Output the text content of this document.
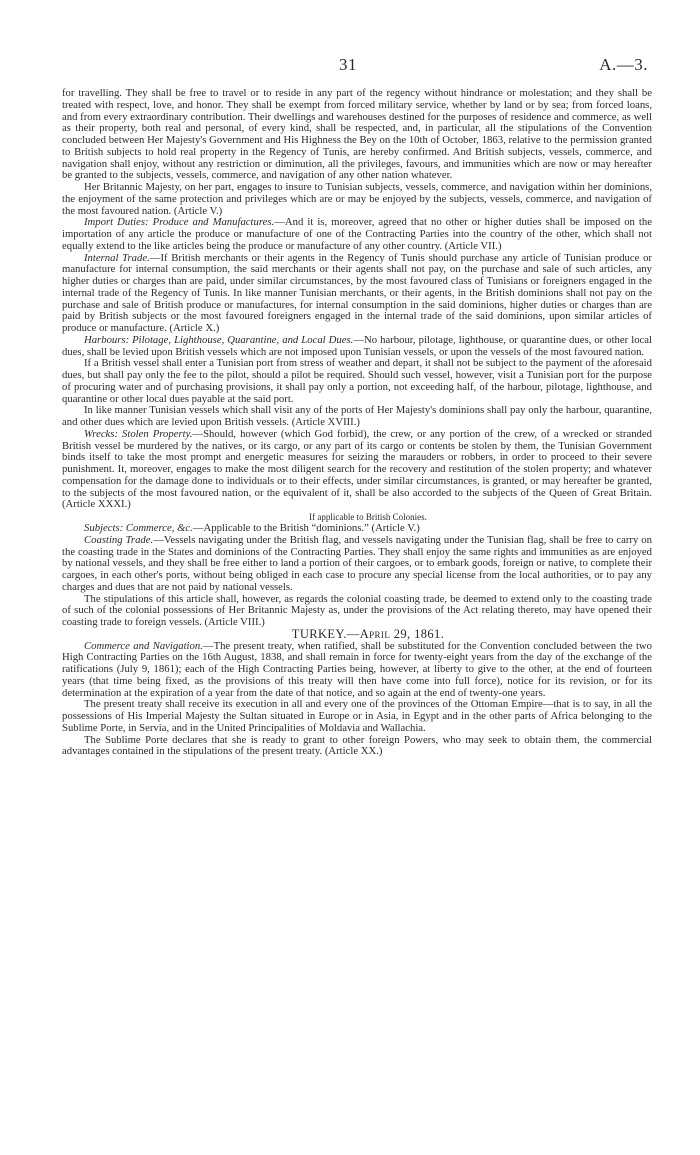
31	A.—3.

for travelling. They shall be free to travel or to reside in any part of the regency without hindrance or molestation; and they shall be treated with respect, love, and honor. They shall be exempt from forced military service, whether by land or by sea; from forced loans, and from every extraordinary contribution. Their dwellings and warehouses destined for the purposes of residence and commerce, as well as their property, both real and personal, of every kind, shall be respected, and, in particular, all the stipulations of the Convention concluded between Her Majesty's Government and His Highness the Bey on the 10th of October, 1863, relative to the permission granted to British subjects to hold real property in the Regency of Tunis, are hereby confirmed. And British subjects, vessels, commerce, and navigation shall enjoy, without any restriction or diminution, all the privileges, favours, and immunities which are now or may hereafter be granted to the subjects, vessels, commerce, and navigation of any other nation whatever.

Her Britannic Majesty, on her part, engages to insure to Tunisian subjects, vessels, commerce, and navigation within her dominions, the enjoyment of the same protection and privileges which are or may be enjoyed by the subjects, vessels, commerce, and navigation of the most favoured nation. (Article V.)

Import Duties: Produce and Manufactures.—And it is, moreover, agreed that no other or higher duties shall be imposed on the importation of any article the produce or manufacture of one of the Contracting Parties into the country of the other, which shall not equally extend to the like articles being the produce or manufacture of any other country. (Article VII.)

Internal Trade.—If British merchants or their agents in the Regency of Tunis should purchase any article of Tunisian produce or manufacture for internal consumption, the said merchants or their agents shall not pay, on the purchase and sale of such articles, any higher duties or charges than are paid, under similar circumstances, by the most favoured class of Tunisians or foreigners engaged in the internal trade of the Regency of Tunis. In like manner Tunisian merchants, or their agents, in the British dominions shall not pay on the purchase and sale of British produce or manufactures, for internal consumption in the said dominions, higher duties or charges than are paid by British subjects or the most favoured foreigners engaged in the internal trade of the said dominions, upon similar articles of produce or manufacture. (Article X.)

Harbours: Pilotage, Lighthouse, Quarantine, and Local Dues.—No harbour, pilotage, lighthouse, or quarantine dues, or other local dues, shall be levied upon British vessels which are not imposed upon Tunisian vessels, or upon the vessels of the most favoured nation.

If a British vessel shall enter a Tunisian port from stress of weather and depart, it shall not be subject to the payment of the aforesaid dues, but shall pay only the fee to the pilot, should a pilot be required. Should such vessel, however, visit a Tunisian port for the purpose of procuring water and of purchasing provisions, it shall pay only a portion, not exceeding half, of the harbour, pilotage, lighthouse, and quarantine or other local dues payable at the said port.

In like manner Tunisian vessels which shall visit any of the ports of Her Majesty's dominions shall pay only the harbour, quarantine, and other dues which are levied upon British vessels. (Article XVIII.)

Wrecks: Stolen Property.—Should, however (which God forbid), the crew, or any portion of the crew, of a wrecked or stranded British vessel be murdered by the natives, or its cargo, or any part of its cargo or contents be stolen by them, the Tunisian Government binds itself to take the most prompt and energetic measures for seizing the marauders or robbers, in order to proceed to their severe punishment. It, moreover, engages to make the most diligent search for the recovery and restitution of the stolen property; and whatever compensation for the damage done to individuals or to their effects, under similar circumstances, is granted, or may hereafter be granted, to the subjects of the most favoured nation, or the equivalent of it, shall be also accorded to the subjects of the Queen of Great Britain. (Article XXXI.)

If applicable to British Colonies.

Subjects: Commerce, &c.—Applicable to the British “dominions.” (Article V.)

Coasting Trade.—Vessels navigating under the British flag, and vessels navigating under the Tunisian flag, shall be free to carry on the coasting trade in the States and dominions of the Contracting Parties. They shall enjoy the same rights and immunities as are enjoyed by national vessels, and they shall be free either to land a portion of their cargoes, or to embark goods, foreign or native, to complete their cargoes, in each other's ports, without being obliged in each case to procure any special license from the local authorities, or to pay any charges and dues that are not paid by national vessels.

The stipulations of this article shall, however, as regards the colonial coasting trade, be deemed to extend only to the coasting trade of such of the colonial possessions of Her Britannic Majesty as, under the provisions of the Act relating thereto, may have opened their coasting trade to foreign vessels. (Article VIII.)

TURKEY.—April 29, 1861.

Commerce and Navigation.—The present treaty, when ratified, shall be substituted for the Convention concluded between the two High Contracting Parties on the 16th August, 1838, and shall remain in force for twenty-eight years from the day of the exchange of the ratifications (July 9, 1861); each of the High Contracting Parties being, however, at liberty to give to the other, at the end of fourteen years (that time being fixed, as the provisions of this treaty will then have come into full force), notice for its revision, or for its determination at the expiration of a year from the date of that notice, and so again at the end of twenty-one years.

The present treaty shall receive its execution in all and every one of the provinces of the Ottoman Empire—that is to say, in all the possessions of His Imperial Majesty the Sultan situated in Europe or in Asia, in Egypt and in the other parts of Africa belonging to the Sublime Porte, in Servia, and in the United Principalities of Moldavia and Wallachia.

The Sublime Porte declares that she is ready to grant to other foreign Powers, who may seek to obtain them, the commercial advantages contained in the stipulations of the present treaty. (Article XX.)
